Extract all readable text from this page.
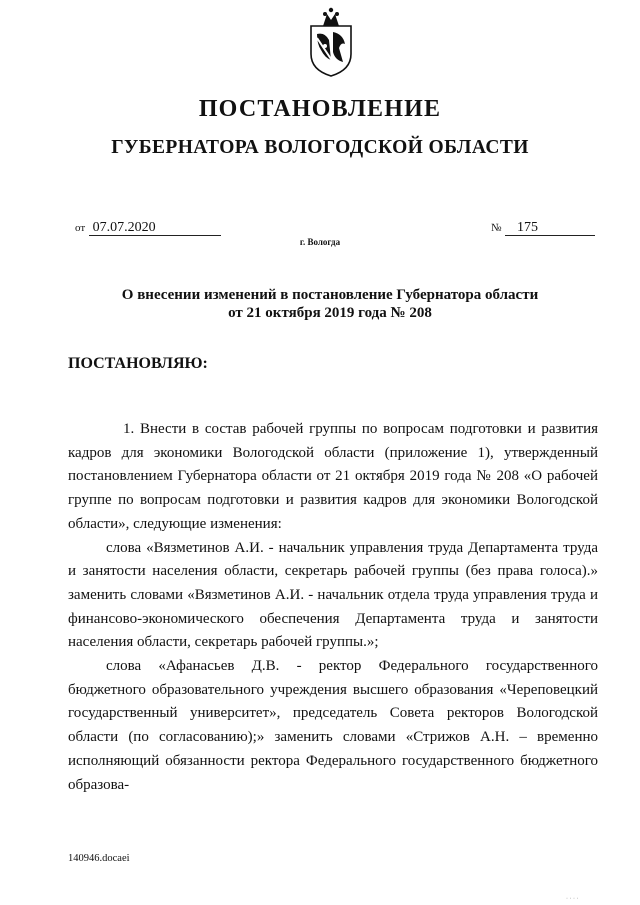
ПОСТАНОВЛЕНИЕ
ГУБЕРНАТОРА ВОЛОГОДСКОЙ ОБЛАСТИ
от 07.07.2020	№ 175
г. Вологда
О внесении изменений в постановление Губернатора области
от 21 октября 2019 года № 208
ПОСТАНОВЛЯЮ:

1. Внести в состав рабочей группы по вопросам подготовки и развития кадров для экономики Вологодской области (приложение 1), утвержденный постановлением Губернатора области от 21 октября 2019 года № 208 «О рабочей группе по вопросам подготовки и развития кадров для экономики Вологодской области», следующие изменения:

слова «Вязметинов А.И. - начальник управления труда Департамента труда и занятости населения области, секретарь рабочей группы (без права голоса).» заменить словами «Вязметинов А.И. - начальник отдела труда управления труда и финансово-экономического обеспечения Департамента труда и занятости населения области, секретарь рабочей группы.»;

слова «Афанасьев Д.В. - ректор Федерального государственного бюджетного образовательного учреждения высшего образования «Череповецкий государственный университет», председатель Совета ректоров Вологодской области (по согласованию);» заменить словами «Стрижов А.Н. – временно исполняющий обязанности ректора Федерального государственного бюджетного образова-

140946.docaei
· · · ·
